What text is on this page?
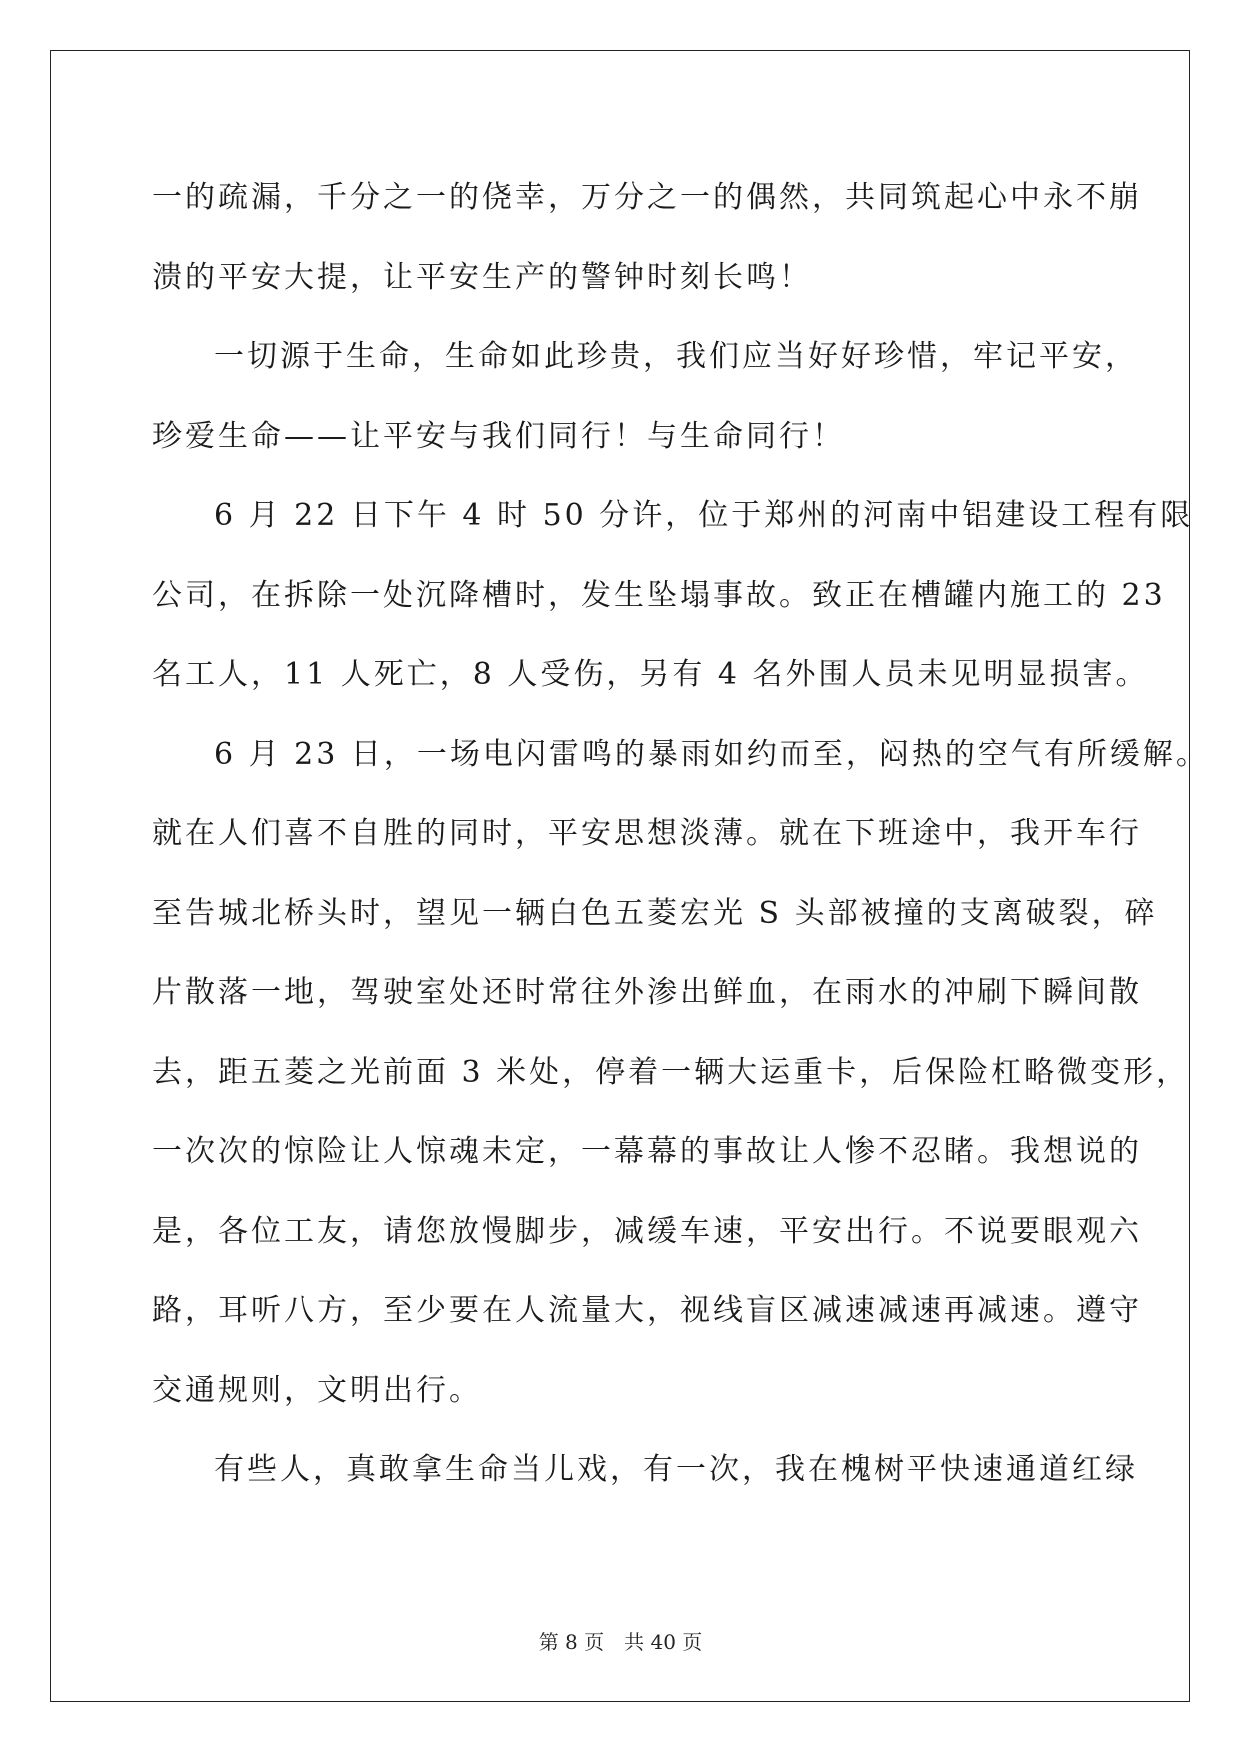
一的疏漏，千分之一的侥幸，万分之一的偶然，共同筑起心中永不崩
溃的平安大提，让平安生产的警钟时刻长鸣！

一切源于生命，生命如此珍贵，我们应当好好珍惜，牢记平安，
珍爱生命——让平安与我们同行！与生命同行！

6 月 22 日下午 4 时 50 分许，位于郑州的河南中铝建设工程有限
公司，在拆除一处沉降槽时，发生坠塌事故。致正在槽罐内施工的 23
名工人，11 人死亡，8 人受伤，另有 4 名外围人员未见明显损害。

6 月 23 日，一场电闪雷鸣的暴雨如约而至，闷热的空气有所缓解。
就在人们喜不自胜的同时，平安思想淡薄。就在下班途中，我开车行
至告城北桥头时，望见一辆白色五菱宏光 S 头部被撞的支离破裂，碎
片散落一地，驾驶室处还时常往外渗出鲜血，在雨水的冲刷下瞬间散
去，距五菱之光前面 3 米处，停着一辆大运重卡，后保险杠略微变形，
一次次的惊险让人惊魂未定，一幕幕的事故让人惨不忍睹。我想说的
是，各位工友，请您放慢脚步，减缓车速，平安出行。不说要眼观六
路，耳听八方，至少要在人流量大，视线盲区减速减速再减速。遵守
交通规则，文明出行。

有些人，真敢拿生命当儿戏，有一次，我在槐树平快速通道红绿

第 8 页　共 40 页
